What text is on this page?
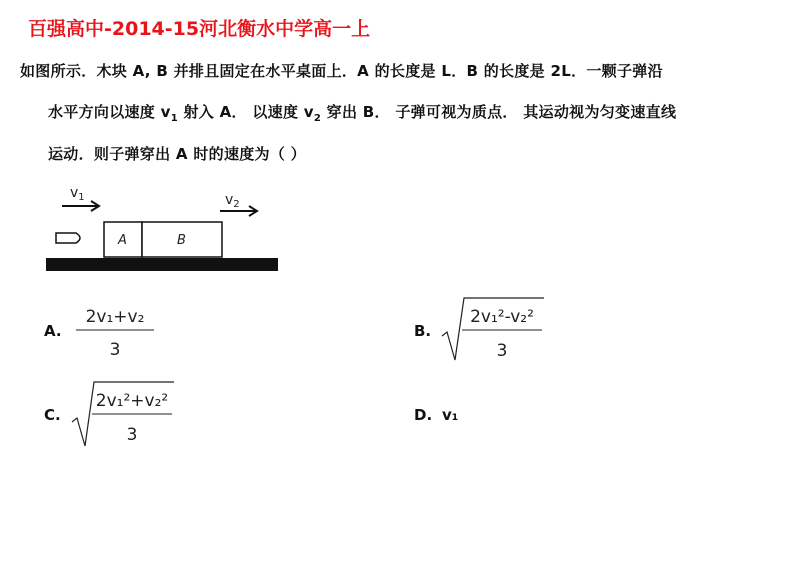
百强高中-2014-15河北衡水中学高一上
如图所示．木块 A, B 并排且固定在水平桌面上．A 的长度是 L．B 的长度是 2L．一颗子弹沿
水平方向以速度 $v_1$ 射入 A． 以速度 $v_2$ 穿出 B． 子弹可视为质点． 其运动视为匀变速直线
运动．则子弹穿出 A 时的速度为（ ）
$v_1$	$v_2$
A	B
A.
2v₁+v₂
3
B.
2v₁²-v₂²
3
C.
2v₁²+v₂²
3
D. v₁
